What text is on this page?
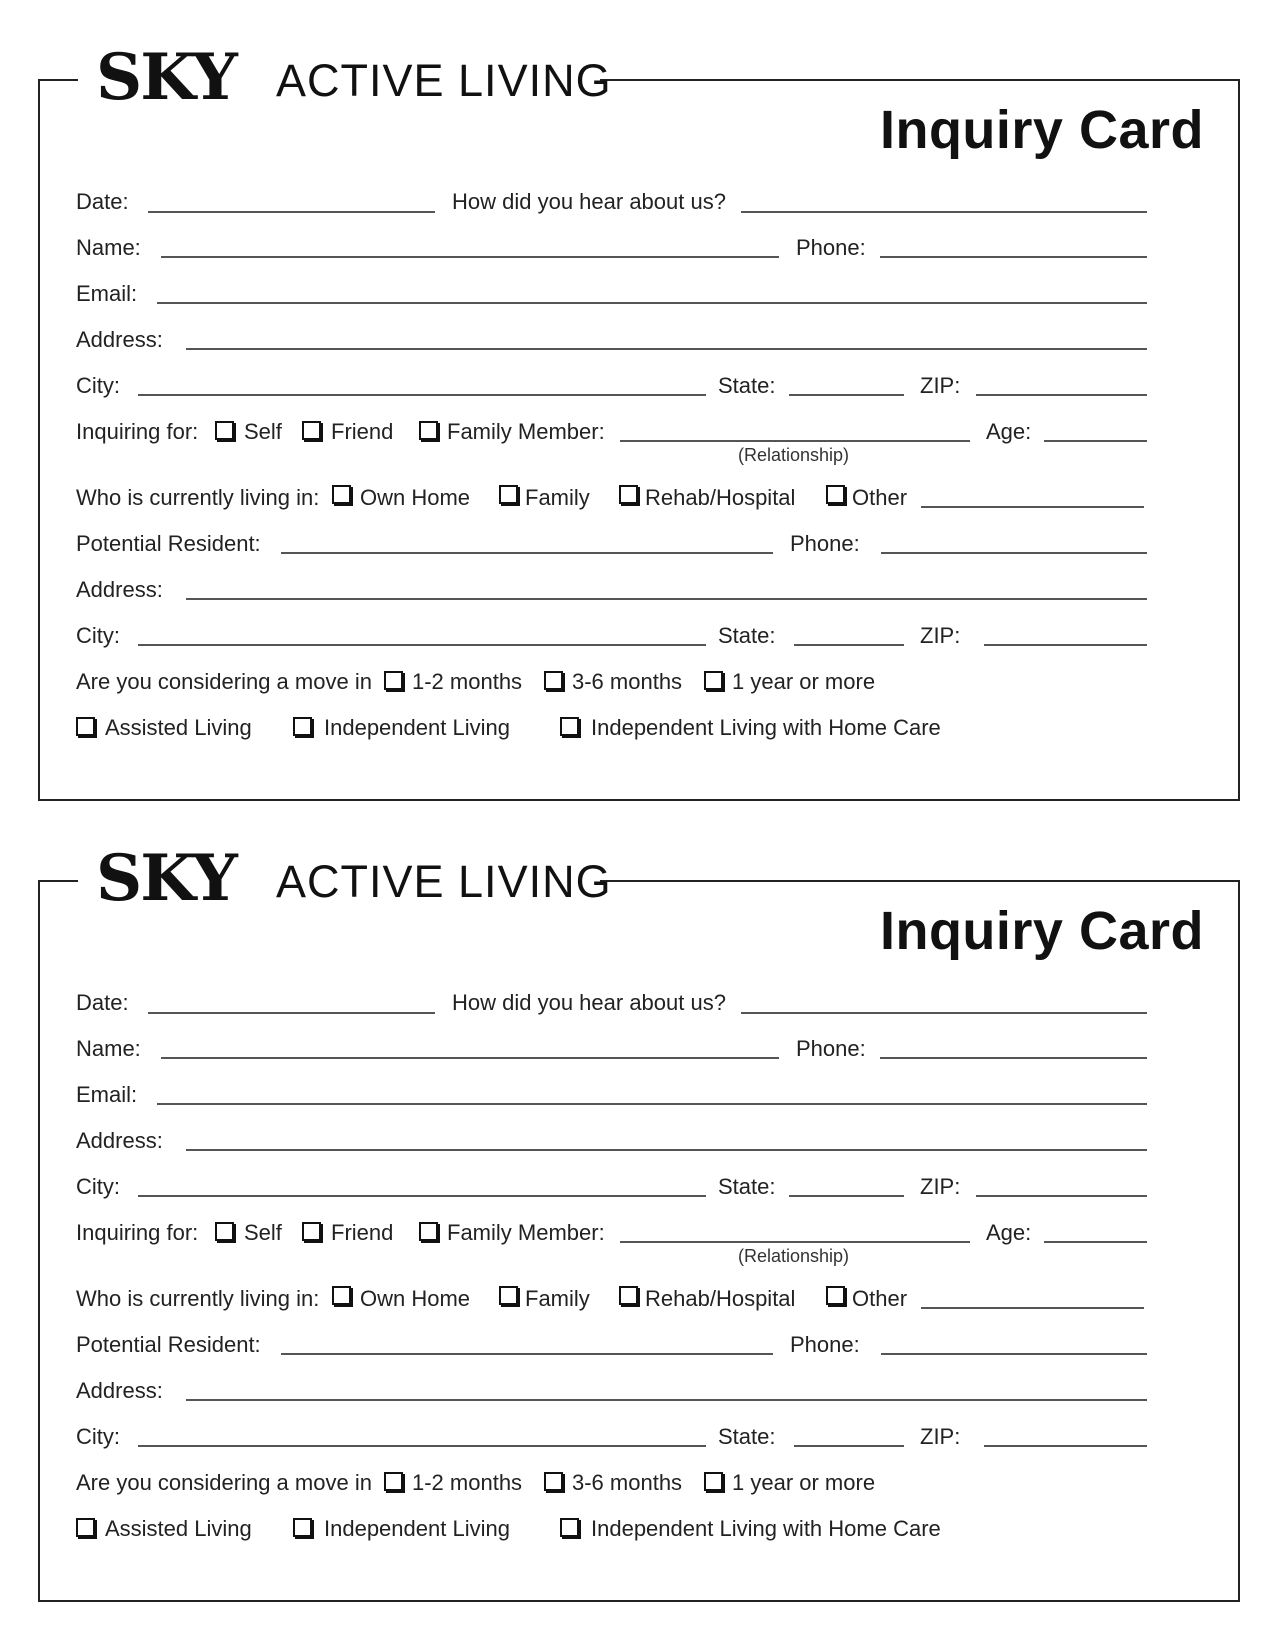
SKY ACTIVE LIVING
Inquiry Card
Date:	How did you hear about us?
Name:	Phone:
Email:
Address:
City:	State:	ZIP:
Inquiring for: Self Friend Family Member:	Age:
Who is currently living in: Own Home Family	Rehab/Hospital	Other
Potential Resident:	Phone:
Address:
City:	State:	ZIP:
Are you considering a move in 1-2 months 3-6 months 1 year or more
Assisted Living	Independent Living	Independent Living with Home Care
(Relationship)
SKY ACTIVE LIVING
Inquiry Card
Date:	How did you hear about us?
Name:	Phone:
Email:
Address:
City:	State:	ZIP:
Inquiring for: Self Friend Family Member:	Age:
Who is currently living in: Own Home Family	Rehab/Hospital	Other
Potential Resident:	Phone:
Address:
City:	State:	ZIP:
Are you considering a move in 1-2 months 3-6 months 1 year or more
Assisted Living	Independent Living	Independent Living with Home Care
(Relationship)
